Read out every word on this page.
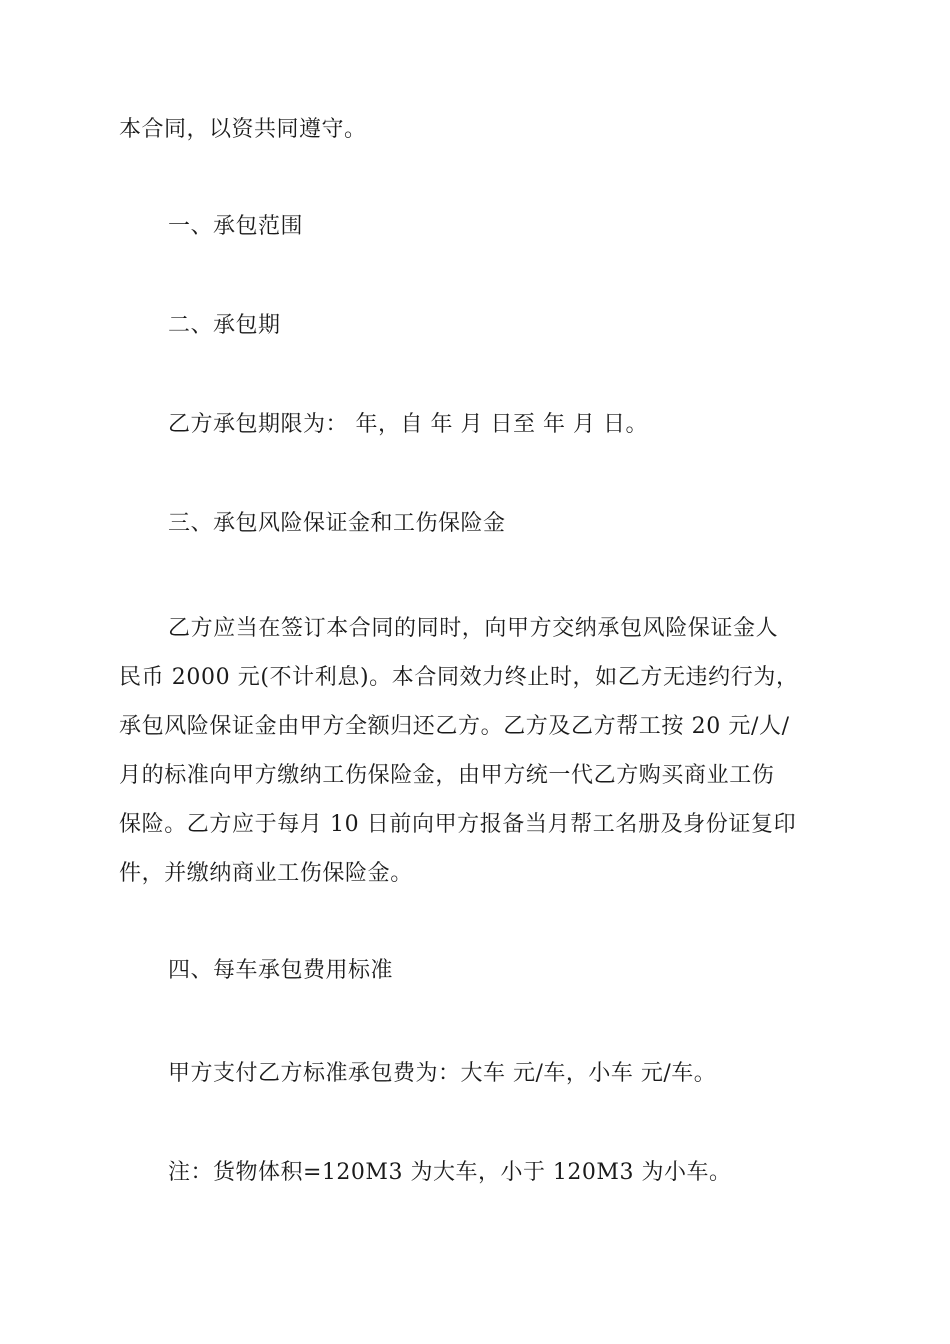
本合同，以资共同遵守。
一、承包范围
二、承包期
乙方承包期限为： 年，自 年 月 日至 年 月 日。
三、承包风险保证金和工伤保险金
乙方应当在签订本合同的同时，向甲方交纳承包风险保证金人
民币 2000 元(不计利息)。本合同效力终止时，如乙方无违约行为，
承包风险保证金由甲方全额归还乙方。乙方及乙方帮工按 20 元/人/
月的标准向甲方缴纳工伤保险金，由甲方统一代乙方购买商业工伤
保险。乙方应于每月 10 日前向甲方报备当月帮工名册及身份证复印
件，并缴纳商业工伤保险金。
四、每车承包费用标准
甲方支付乙方标准承包费为：大车 元/车，小车 元/车。
注：货物体积=120M3 为大车，小于 120M3 为小车。
